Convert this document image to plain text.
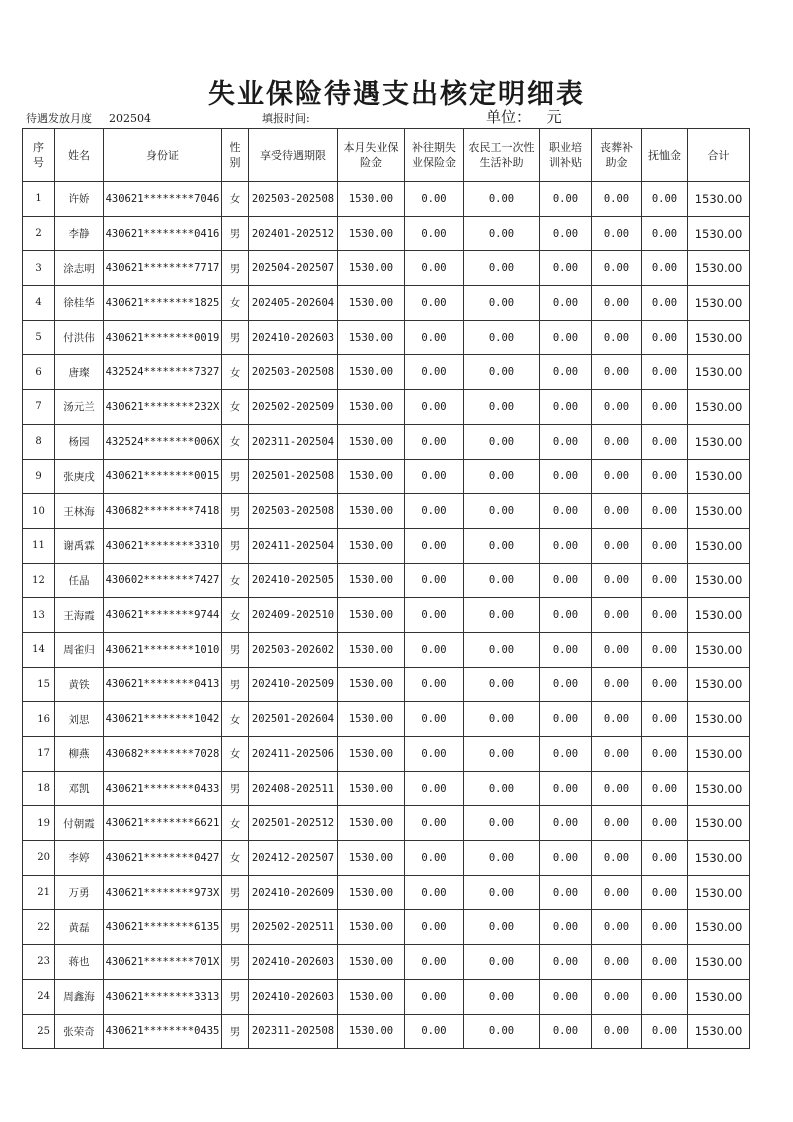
失业保险待遇支出核定明细表
待遇发放月度 202504	填报时间:	单位： 元
序号	姓名	身份证	性别	享受待遇期限	本月失业保险金	补往期失业保险金	农民工一次性生活补助	职业培训补贴	丧葬补助金	抚恤金	合计
1	许娇	430621********7046	女	202503-202508	1530.00	0.00	0.00	0.00	0.00	0.00	1530.00
2	李静	430621********0416	男	202401-202512	1530.00	0.00	0.00	0.00	0.00	0.00	1530.00
3	涂志明	430621********7717	男	202504-202507	1530.00	0.00	0.00	0.00	0.00	0.00	1530.00
4	徐桂华	430621********1825	女	202405-202604	1530.00	0.00	0.00	0.00	0.00	0.00	1530.00
5	付洪伟	430621********0019	男	202410-202603	1530.00	0.00	0.00	0.00	0.00	0.00	1530.00
6	唐璨	432524********7327	女	202503-202508	1530.00	0.00	0.00	0.00	0.00	0.00	1530.00
7	汤元兰	430621********232X	女	202502-202509	1530.00	0.00	0.00	0.00	0.00	0.00	1530.00
8	杨园	432524********006X	女	202311-202504	1530.00	0.00	0.00	0.00	0.00	0.00	1530.00
9	张庚戌	430621********0015	男	202501-202508	1530.00	0.00	0.00	0.00	0.00	0.00	1530.00
10	王林海	430682********7418	男	202503-202508	1530.00	0.00	0.00	0.00	0.00	0.00	1530.00
11	谢禹霖	430621********3310	男	202411-202504	1530.00	0.00	0.00	0.00	0.00	0.00	1530.00
12	任晶	430602********7427	女	202410-202505	1530.00	0.00	0.00	0.00	0.00	0.00	1530.00
13	王海霞	430621********9744	女	202409-202510	1530.00	0.00	0.00	0.00	0.00	0.00	1530.00
14	周雀归	430621********1010	男	202503-202602	1530.00	0.00	0.00	0.00	0.00	0.00	1530.00
15	黄铁	430621********0413	男	202410-202509	1530.00	0.00	0.00	0.00	0.00	0.00	1530.00
16	刘思	430621********1042	女	202501-202604	1530.00	0.00	0.00	0.00	0.00	0.00	1530.00
17	柳燕	430682********7028	女	202411-202506	1530.00	0.00	0.00	0.00	0.00	0.00	1530.00
18	邓凯	430621********0433	男	202408-202511	1530.00	0.00	0.00	0.00	0.00	0.00	1530.00
19	付朝霞	430621********6621	女	202501-202512	1530.00	0.00	0.00	0.00	0.00	0.00	1530.00
20	李婷	430621********0427	女	202412-202507	1530.00	0.00	0.00	0.00	0.00	0.00	1530.00
21	万勇	430621********973X	男	202410-202609	1530.00	0.00	0.00	0.00	0.00	0.00	1530.00
22	黄磊	430621********6135	男	202502-202511	1530.00	0.00	0.00	0.00	0.00	0.00	1530.00
23	蒋也	430621********701X	男	202410-202603	1530.00	0.00	0.00	0.00	0.00	0.00	1530.00
24	周鑫海	430621********3313	男	202410-202603	1530.00	0.00	0.00	0.00	0.00	0.00	1530.00
25	张荣奇	430621********0435	男	202311-202508	1530.00	0.00	0.00	0.00	0.00	0.00	1530.00
